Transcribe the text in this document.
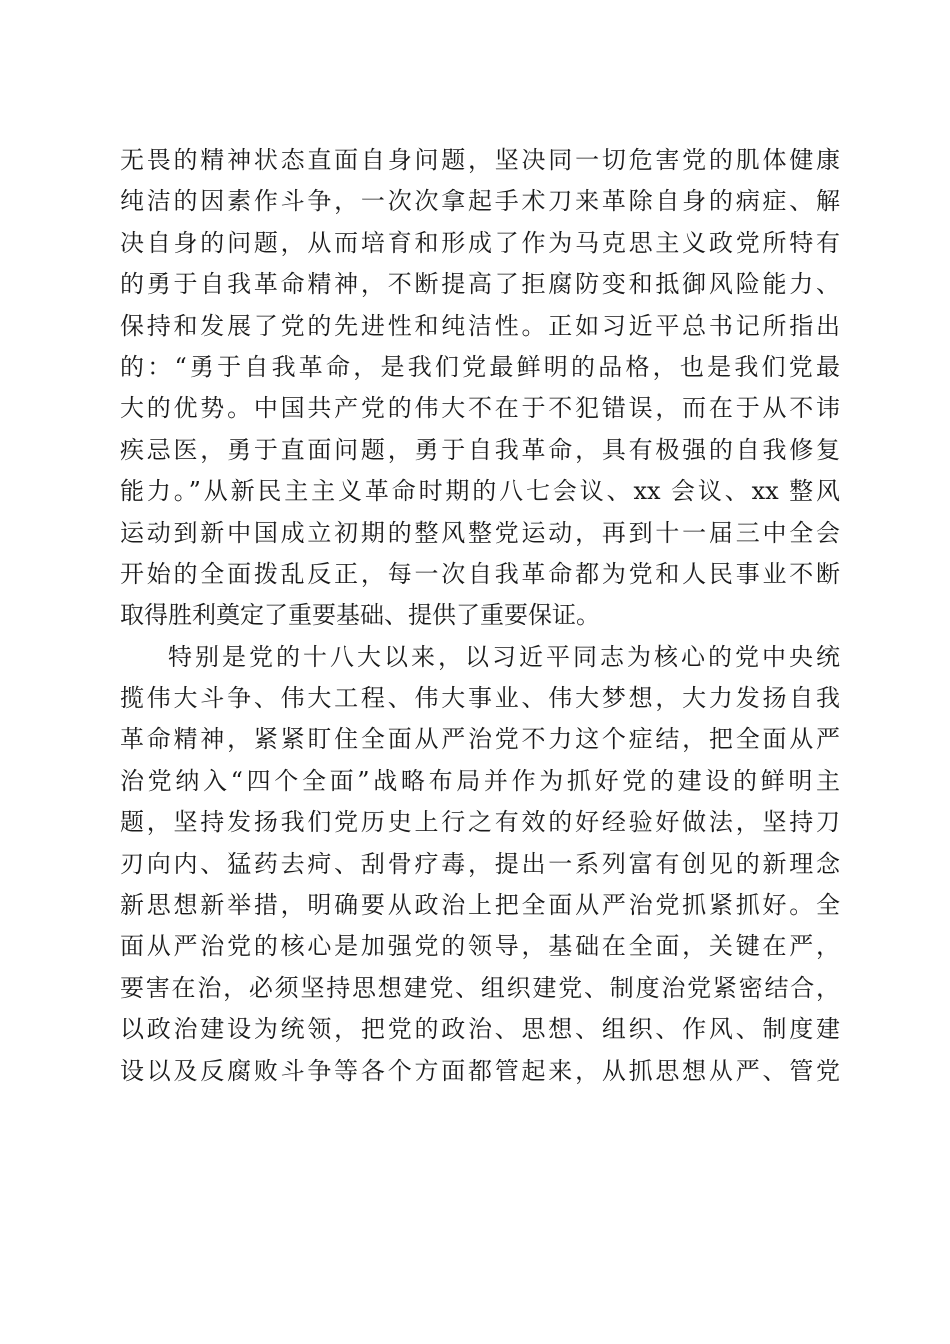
无畏的精神状态直面自身问题，坚决同一切危害党的肌体健康
纯洁的因素作斗争，一次次拿起手术刀来革除自身的病症、解
决自身的问题，从而培育和形成了作为马克思主义政党所特有
的勇于自我革命精神，不断提高了拒腐防变和抵御风险能力、
保持和发展了党的先进性和纯洁性。正如习近平总书记所指出
的：“勇于自我革命，是我们党最鲜明的品格，也是我们党最
大的优势。中国共产党的伟大不在于不犯错误，而在于从不讳
疾忌医，勇于直面问题，勇于自我革命，具有极强的自我修复
能力。”从新民主主义革命时期的八七会议、xx 会议、xx 整风
运动到新中国成立初期的整风整党运动，再到十一届三中全会
开始的全面拨乱反正，每一次自我革命都为党和人民事业不断
取得胜利奠定了重要基础、提供了重要保证。
特别是党的十八大以来，以习近平同志为核心的党中央统
揽伟大斗争、伟大工程、伟大事业、伟大梦想，大力发扬自我
革命精神，紧紧盯住全面从严治党不力这个症结，把全面从严
治党纳入“四个全面”战略布局并作为抓好党的建设的鲜明主
题，坚持发扬我们党历史上行之有效的好经验好做法，坚持刀
刃向内、猛药去疴、刮骨疗毒，提出一系列富有创见的新理念
新思想新举措，明确要从政治上把全面从严治党抓紧抓好。全
面从严治党的核心是加强党的领导，基础在全面，关键在严，
要害在治，必须坚持思想建党、组织建党、制度治党紧密结合，
以政治建设为统领，把党的政治、思想、组织、作风、制度建
设以及反腐败斗争等各个方面都管起来，从抓思想从严、管党
